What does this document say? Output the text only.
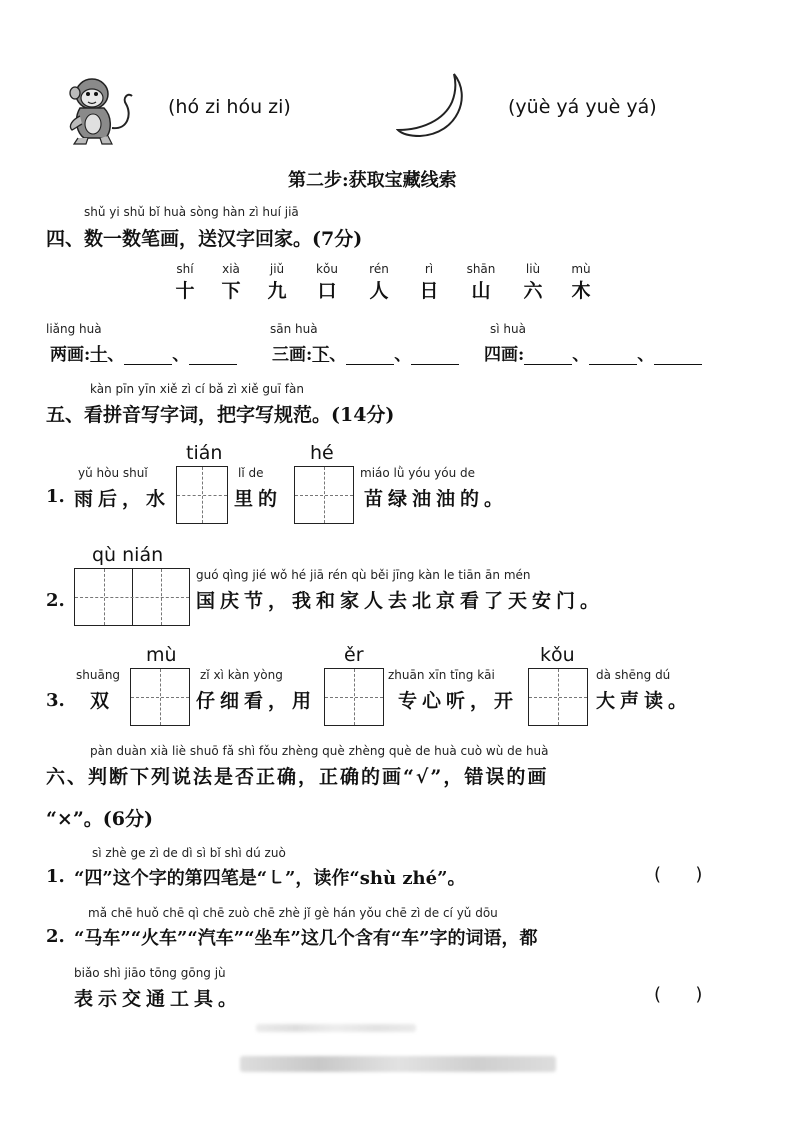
(hó zi hóu zi)	(yüè yá yuè yá)
第二步:获取宝藏线索
shǔ yi shǔ bǐ huà sòng hàn zì huí jiā
四、数一数笔画，送汉字回家。(7分)
shí
十
xià
下
jiǔ
九
kǒu
口
rén
人
rì
日
shān
山
liù
六
mù
木
liǎng huà
两画:十、	、
sān huà
三画:下、	、
sì huà
四画:	、	、
kàn pīn yīn xiě zì cí bǎ zì xiě guī fàn
五、看拼音写字词，把字写规范。(14分)
tián	hé
1.
yǔ hòu shuǐ
雨后，水
lǐ de
里的
miáo lǜ yóu yóu de
苗绿油油的。
qù nián
2.
guó qìng jié wǒ hé jiā rén qù běi jīng kàn le tiān ān mén
国庆节，我和家人去北京看了天安门。
mù	ěr	kǒu
3.
shuāng
双
zǐ xì kàn yòng
仔细看，用
zhuān xīn tīng kāi
专心听，开
dà shēng dú
大声读。
pàn duàn xià liè shuō fǎ shì fǒu zhèng què zhèng què de huà cuò wù de huà
六、判断下列说法是否正确，正确的画“√”，错误的画
“×”。(6分)
sì zhè ge zì de dì sì bǐ shì dú zuò
1. “四”这个字的第四笔是“㇄”，读作“shù zhé”。	(      )
mǎ chē huǒ chē qì chē zuò chē zhè jǐ gè hán yǒu chē zì de cí yǔ dōu
2. “马车”“火车”“汽车”“坐车”这几个含有“车”字的词语，都
biǎo shì jiāo tōng gōng jù
表示交通工具。	(      )
